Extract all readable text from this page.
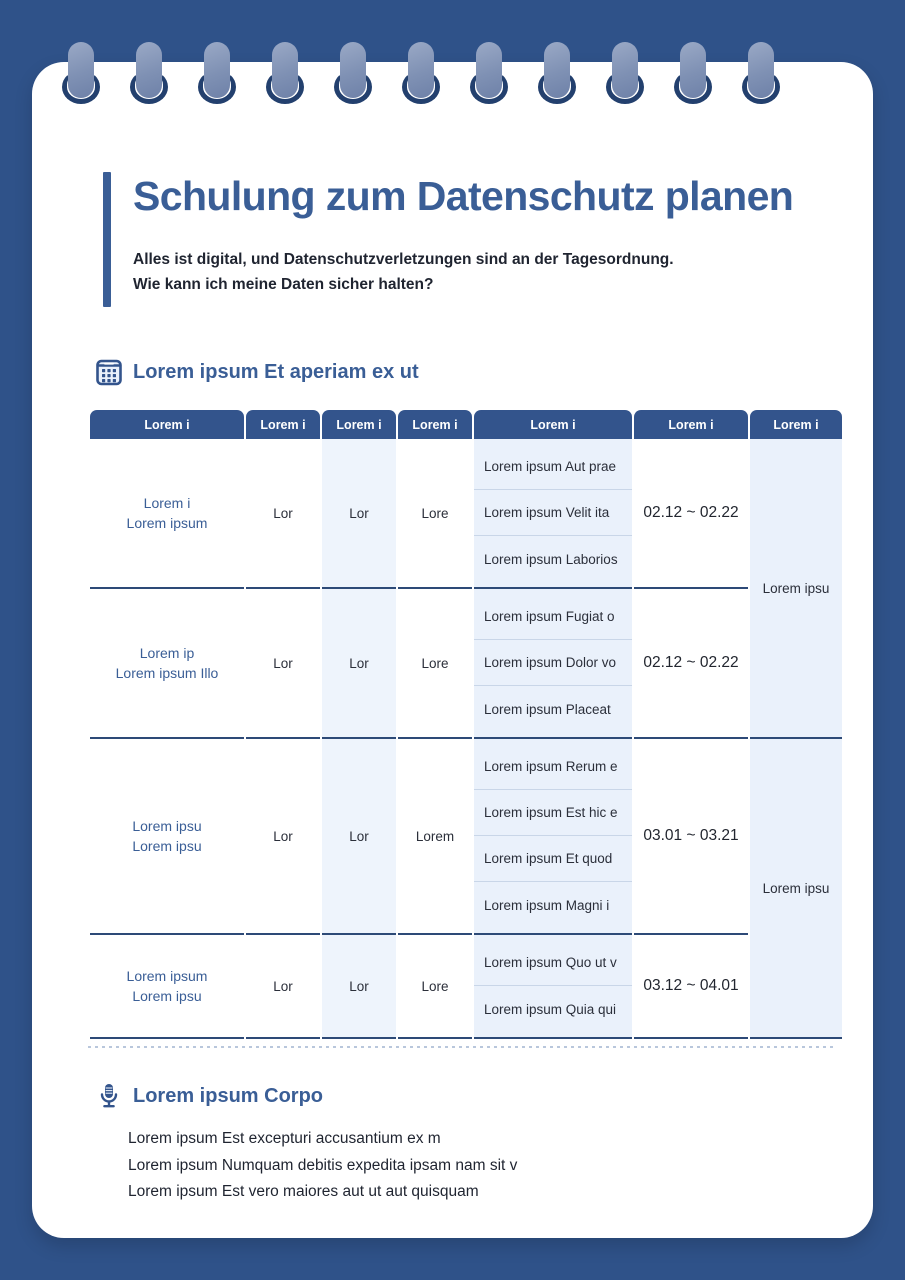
Schulung zum Datenschutz planen
Alles ist digital, und Datenschutzverletzungen sind an der Tagesordnung.
Wie kann ich meine Daten sicher halten?
Lorem ipsum Et aperiam ex ut
Lorem i	Lorem i	Lorem i	Lorem i	Lorem i	Lorem i	Lorem i

Lorem i
Lorem ipsum
	Lor	Lor	Lore	
Lorem ipsum Aut prae
Lorem ipsum Velit ita
Lorem ipsum Laborios
	02.12 ~ 02.22	Lorem ipsu

Lorem ip
Lorem ipsum Illo
	Lor	Lor	Lore	
Lorem ipsum Fugiat o
Lorem ipsum Dolor vo
Lorem ipsum Placeat
	02.12 ~ 02.22

Lorem ipsu
Lorem ipsu
	Lor	Lor	Lorem	
Lorem ipsum Rerum e
Lorem ipsum Est hic e
Lorem ipsum Et quod
Lorem ipsum Magni i
	03.01 ~ 03.21	Lorem ipsu

Lorem ipsum
Lorem ipsu
	Lor	Lor	Lore	
Lorem ipsum Quo ut v
Lorem ipsum Quia qui
	03.12 ~ 04.01
Lorem ipsum Corpo
Lorem ipsum Est excepturi accusantium ex m
Lorem ipsum Numquam debitis expedita ipsam nam sit v
Lorem ipsum Est vero maiores aut ut aut quisquam
